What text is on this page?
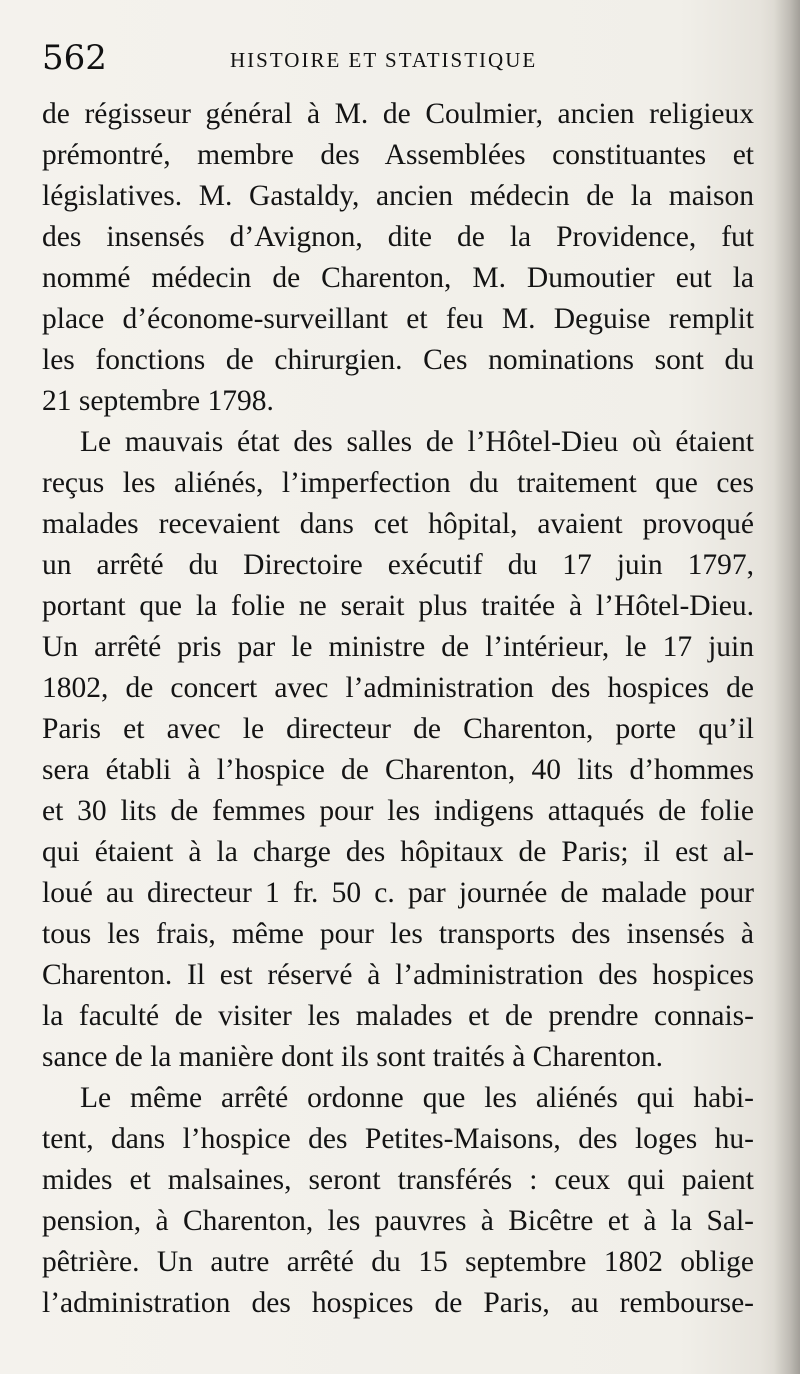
562	HISTOIRE ET STATISTIQUE
de régisseur général à M. de Coulmier, ancien religieux
prémontré, membre des Assemblées constituantes et
législatives. M. Gastaldy, ancien médecin de la maison
des insensés d’Avignon, dite de la Providence, fut
nommé médecin de Charenton, M. Dumoutier eut la
place d’économe-surveillant et feu M. Deguise remplit
les fonctions de chirurgien. Ces nominations sont du
21 septembre 1798.
Le mauvais état des salles de l’Hôtel-Dieu où étaient
reçus les aliénés, l’imperfection du traitement que ces
malades recevaient dans cet hôpital, avaient provoqué
un arrêté du Directoire exécutif du 17 juin 1797,
portant que la folie ne serait plus traitée à l’Hôtel-Dieu.
Un arrêté pris par le ministre de l’intérieur, le 17 juin
1802, de concert avec l’administration des hospices de
Paris et avec le directeur de Charenton, porte qu’il
sera établi à l’hospice de Charenton, 40 lits d’hommes
et 30 lits de femmes pour les indigens attaqués de folie
qui étaient à la charge des hôpitaux de Paris; il est al-
loué au directeur 1 fr. 50 c. par journée de malade pour
tous les frais, même pour les transports des insensés à
Charenton. Il est réservé à l’administration des hospices
la faculté de visiter les malades et de prendre connais-
sance de la manière dont ils sont traités à Charenton.
Le même arrêté ordonne que les aliénés qui habi-
tent, dans l’hospice des Petites-Maisons, des loges hu-
mides et malsaines, seront transférés : ceux qui paient
pension, à Charenton, les pauvres à Bicêtre et à la Sal-
pêtrière. Un autre arrêté du 15 septembre 1802 oblige
l’administration des hospices de Paris, au rembourse-
